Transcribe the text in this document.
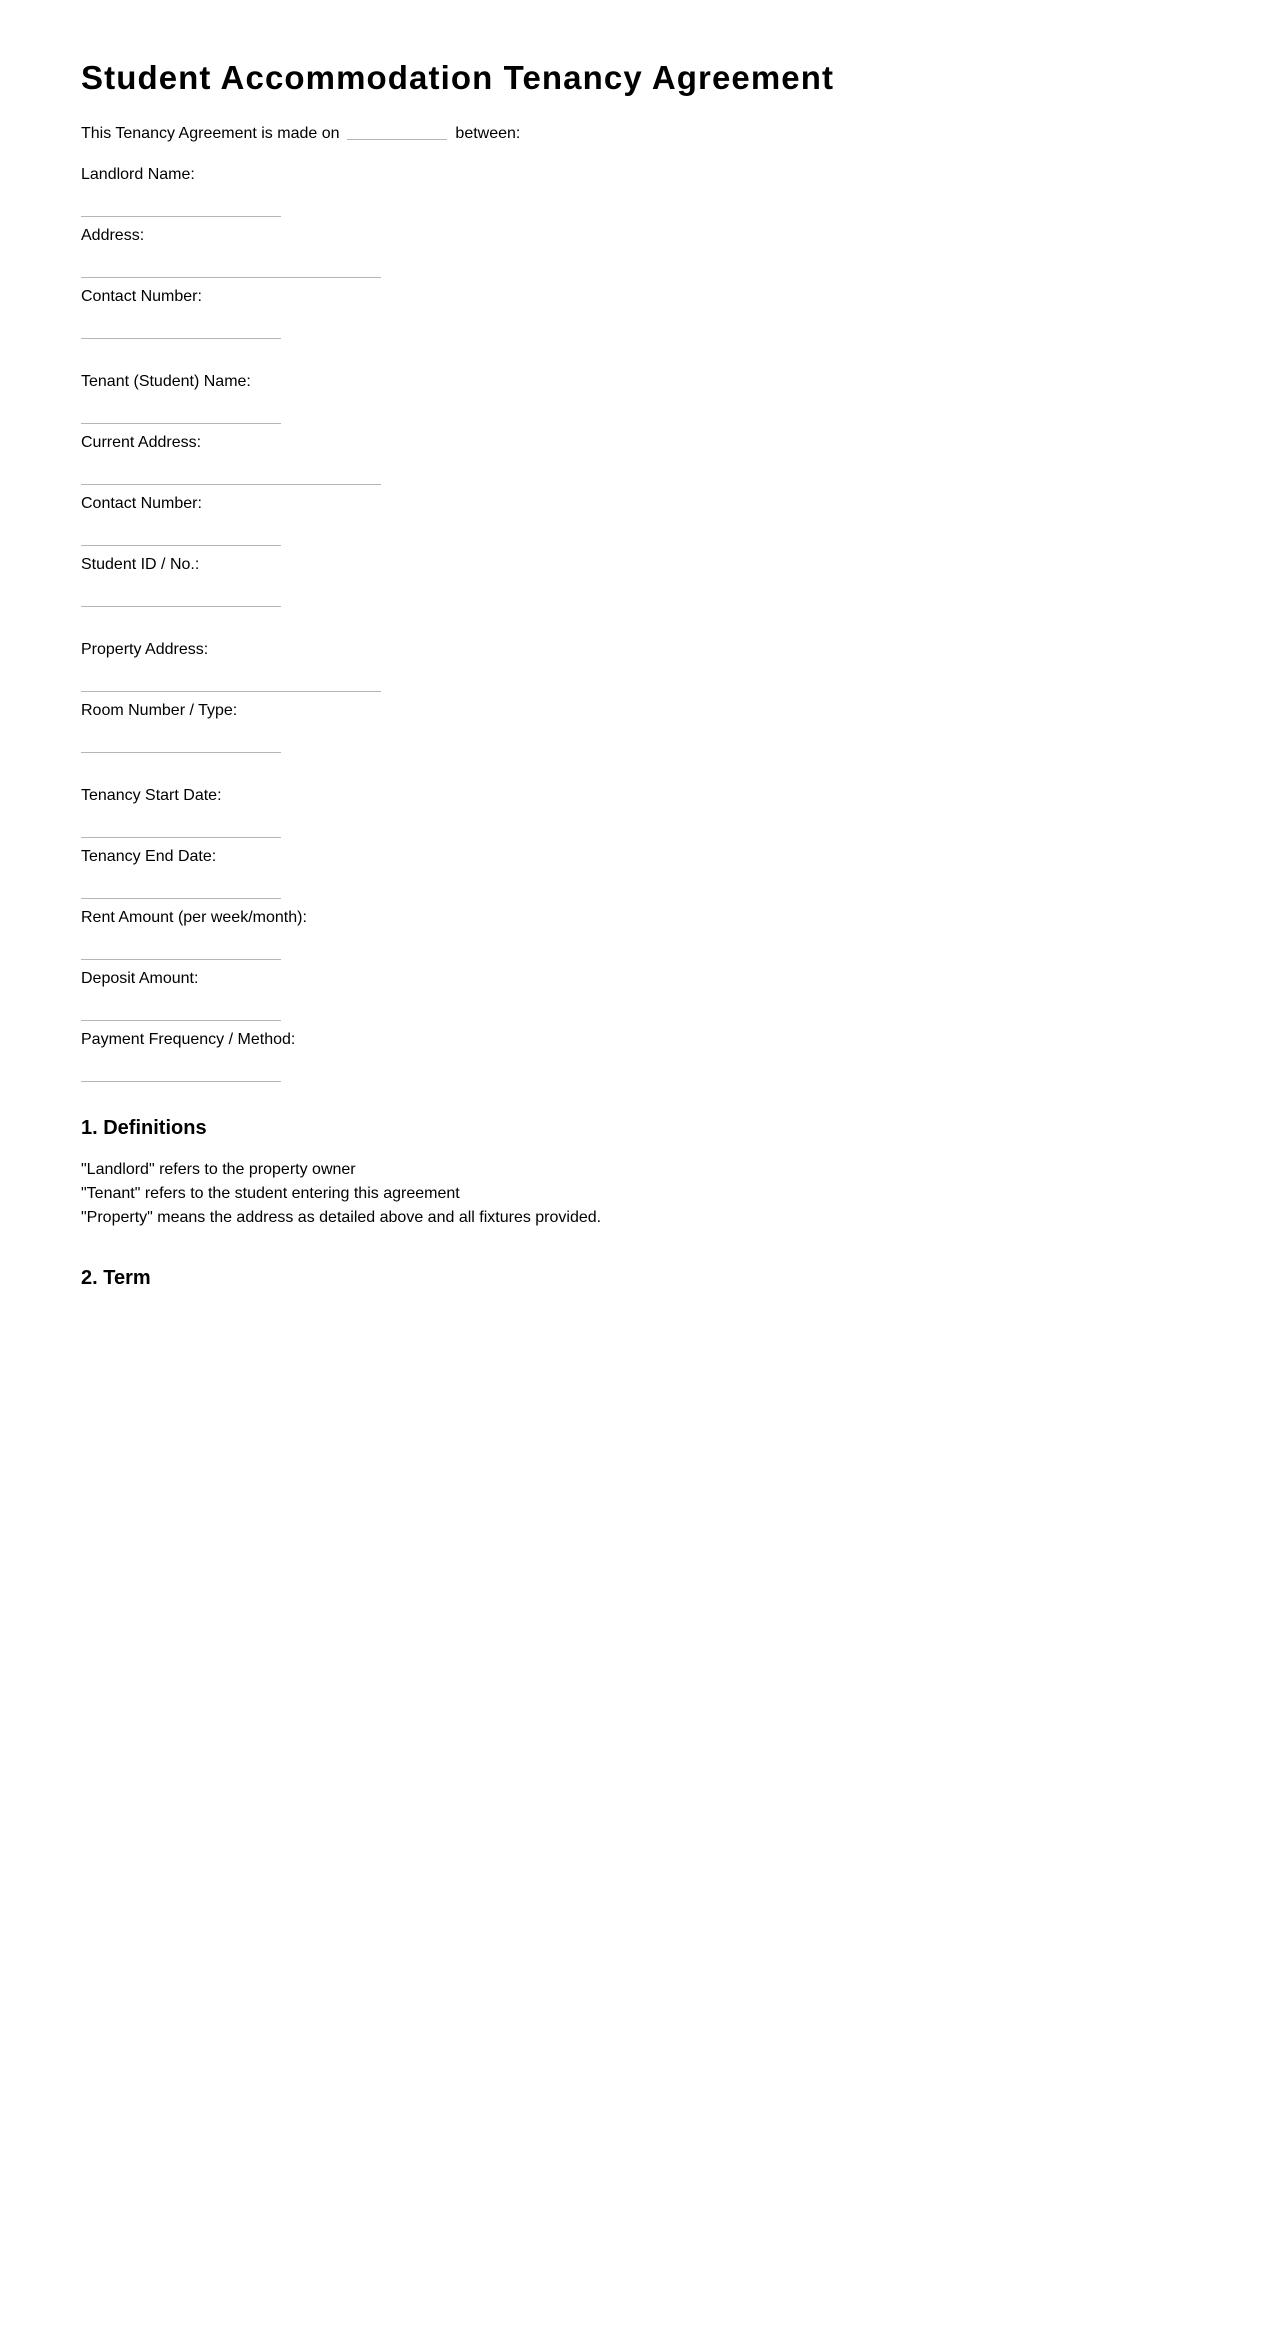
Student Accommodation Tenancy Agreement
This Tenancy Agreement is made on	between:
Landlord Name:
Address:
Contact Number:
Tenant (Student) Name:
Current Address:
Contact Number:
Student ID / No.:
Property Address:
Room Number / Type:
Tenancy Start Date:
Tenancy End Date:
Rent Amount (per week/month):
Deposit Amount:
Payment Frequency / Method:
1. Definitions
"Landlord" refers to the property owner
"Tenant" refers to the student entering this agreement
"Property" means the address as detailed above and all fixtures provided.
2. Term
